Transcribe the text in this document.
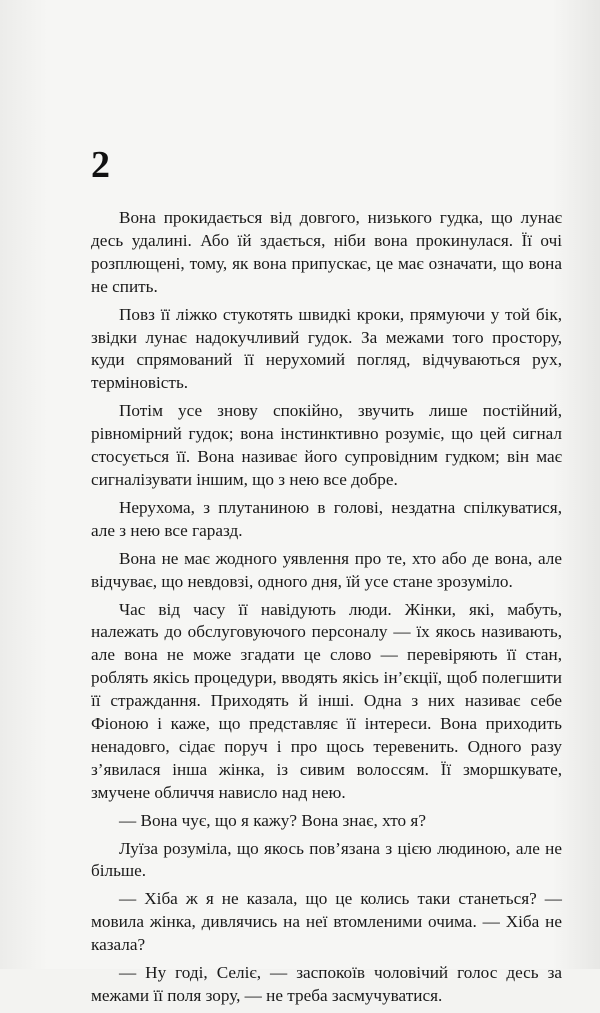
2

Вона прокидається від довгого, низького гудка, що лунає десь удалині. Або їй здається, ніби вона прокинулася. Її очі розплющені, тому, як вона припускає, це має означати, що вона не спить.

Повз її ліжко стукотять швидкі кроки, прямуючи у той бік, звідки лунає надокучливий гудок. За межами того простору, куди спрямований її нерухомий погляд, відчуваються рух, терміновість.

Потім усе знову спокійно, звучить лише постійний, рівномірний гудок; вона інстинктивно розуміє, що цей сигнал стосується її. Вона називає його супровідним гудком; він має сигналізувати іншим, що з нею все добре.

Нерухома, з плутаниною в голові, нездатна спілкуватися, але з нею все гаразд.

Вона не має жодного уявлення про те, хто або де вона, але відчуває, що невдовзі, одного дня, їй усе стане зрозуміло.

Час від часу її навідують люди. Жінки, які, мабуть, належать до обслуговуючого персоналу — їх якось називають, але вона не може згадати це слово — перевіряють її стан, роблять якісь процедури, вводять якісь ін’єкції, щоб полегшити її страждання. Приходять й інші. Одна з них називає себе Фіоною і каже, що представляє її інтереси. Вона приходить ненадовго, сідає поруч і про щось теревенить. Одного разу з’явилася інша жінка, із сивим волоссям. Її зморшкувате, змучене обличчя нависло над нею.

— Вона чує, що я кажу? Вона знає, хто я?

Луїза розуміла, що якось пов’язана з цією людиною, але не більше.

— Хіба ж я не казала, що це колись таки станеться? — мовила жінка, дивлячись на неї втомленими очима. — Хіба не казала?

— Ну годі, Селіє, — заспокоїв чоловічий голос десь за межами її поля зору, — не треба засмучуватися.
